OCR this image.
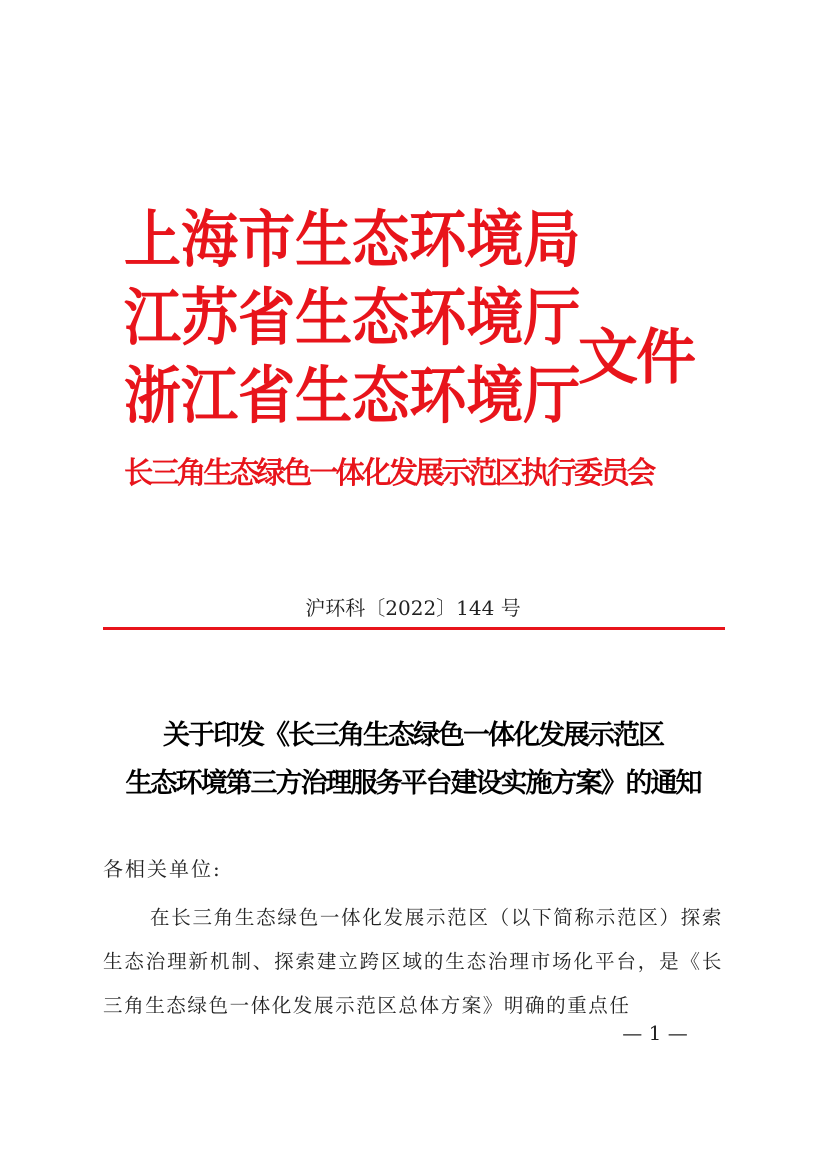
上 海 市 生 态 环 境 局
江 苏 省 生 态 环 境 厅
浙 江 省 生 态 环 境 厅
长三角生态绿色一体化发展示范区执行委员会
文件
沪环科〔2022〕144 号
关于印发《长三角生态绿色一体化发展示范区
生态环境第三方治理服务平台建设实施方案》的通知
各相关单位:
在长三角生态绿色一体化发展示范区（以下简称示范区）探索生态治理新机制、探索建立跨区域的生态治理市场化平台，是《长三角生态绿色一体化发展示范区总体方案》明确的重点任
— 1 —
